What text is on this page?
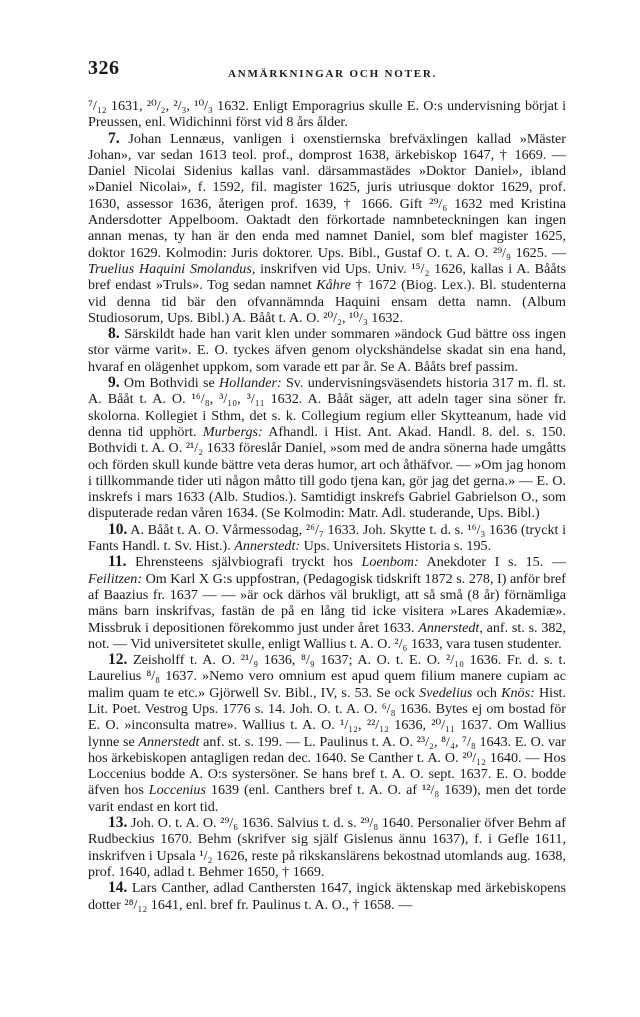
326	ANMÄRKNINGAR OCH NOTER.

⁷/₁₂ 1631, ²⁰/₂, ²/₃, ¹⁰/₃ 1632. Enligt Emporagrius skulle E. O:s undervisning börjat i Preussen, enl. Widichinni först vid 8 års ålder.

7. Johan Lennæus, vanligen i oxenstiernska brefväxlingen kallad »Mäster Johan», var sedan 1613 teol. prof., domprost 1638, ärkebiskop 1647, † 1669. — Daniel Nicolai Sidenius kallas vanl. därsammastädes »Doktor Daniel», ibland »Daniel Nicolai», f. 1592, fil. magister 1625, juris utriusque doktor 1629, prof. 1630, assessor 1636, återigen prof. 1639, † 1666. Gift ²⁹/₆ 1632 med Kristina Andersdotter Appelboom. Oaktadt den förkortade namnbeteckningen kan ingen annan menas, ty han är den enda med namnet Daniel, som blef magister 1625, doktor 1629. Kolmodin: Juris doktorer. Ups. Bibl., Gustaf O. t. A. O. ²⁹/₉ 1625. — Truelius Haquini Smolandus, inskrifven vid Ups. Univ. ¹⁵/₂ 1626, kallas i A. Bååts bref endast »Truls». Tog sedan namnet Kåhre † 1672 (Biog. Lex.). Bl. studenterna vid denna tid bär den ofvannämnda Haquini ensam detta namn. (Album Studiosorum, Ups. Bibl.) A. Bååt t. A. O. ²⁰/₂, ¹⁰/₃ 1632.

8. Särskildt hade han varit klen under sommaren »ändock Gud bättre oss ingen stor värme varit». E. O. tyckes äfven genom olyckshändelse skadat sin ena hand, hvaraf en olägenhet uppkom, som varade ett par år. Se A. Bååts bref passim.

9. Om Bothvidi se Hollander: Sv. undervisningsväsendets historia 317 m. fl. st. A. Bååt t. A. O. ¹⁶/₈, ³/₁₀, ³/₁₁ 1632. A. Bååt säger, att adeln tager sina söner fr. skolorna. Kollegiet i Sthm, det s. k. Collegium regium eller Skytteanum, hade vid denna tid upphört. Murbergs: Afhandl. i Hist. Ant. Akad. Handl. 8. del. s. 150. Bothvidi t. A. O. ²¹/₂ 1633 föreslår Daniel, »som med de andra sönerna hade umgåtts och förden skull kunde bättre veta deras humor, art och åthäfvor. — »Om jag honom i tillkommande tider uti någon måtto till godo tjena kan, gör jag det gerna.» — E. O. inskrefs i mars 1633 (Alb. Studios.). Samtidigt inskrefs Gabriel Gabrielson O., som disputerade redan våren 1634. (Se Kolmodin: Matr. Adl. studerande, Ups. Bibl.)

10. A. Bååt t. A. O. Vårmessodag, ²⁶/₇ 1633. Joh. Skytte t. d. s. ¹⁶/₃ 1636 (tryckt i Fants Handl. t. Sv. Hist.). Annerstedt: Ups. Universitets Historia s. 195.

11. Ehrensteens självbiografi tryckt hos Loenbom: Anekdoter I s. 15. — Feilitzen: Om Karl X G:s uppfostran, (Pedagogisk tidskrift 1872 s. 278, I) anför bref af Baazius fr. 1637 — — »är ock därhos väl brukligt, att så små (8 år) förnämliga mäns barn inskrifvas, fastän de på en lång tid icke visitera »Lares Akademiæ». Missbruk i depositionen förekommo just under året 1633. Annerstedt, anf. st. s. 382, not. — Vid universitetet skulle, enligt Wallius t. A. O. ²/₆ 1633, vara tusen studenter.

12. Zeisholff t. A. O. ²¹/₉ 1636, ⁸/₉ 1637; A. O. t. E. O. ²/₁₀ 1636. Fr. d. s. t. Laurelius ⁸/₈ 1637. »Nemo vero omnium est apud quem filium manere cupiam ac malim quam te etc.» Gjörwell Sv. Bibl., IV, s. 53. Se ock Svedelius och Knös: Hist. Lit. Poet. Vestrog Ups. 1776 s. 14. Joh. O. t. A. O. ⁶/₈ 1636. Bytes ej om bostad för E. O. »inconsulta matre». Wallius t. A. O. ¹/₁₂, ²²/₁₂ 1636, ²⁰/₁₁ 1637. Om Wallius lynne se Annerstedt anf. st. s. 199. — L. Paulinus t. A. O. ²³/₂, ⁸/₄, ⁷/₈ 1643. E. O. var hos ärkebiskopen antagligen redan dec. 1640. Se Canther t. A. O. ²⁰/₁₂ 1640. — Hos Loccenius bodde A. O:s systersöner. Se hans bref t. A. O. sept. 1637. E. O. bodde äfven hos Loccenius 1639 (enl. Canthers bref t. A. O. af ¹²/₈ 1639), men det torde varit endast en kort tid.

13. Joh. O. t. A. O. ²⁹/₆ 1636. Salvius t. d. s. ²⁹/₈ 1640. Personalier öfver Behm af Rudbeckius 1670. Behm (skrifver sig själf Gislenus ännu 1637), f. i Gefle 1611, inskrifven i Upsala ¹/₂ 1626, reste på rikskanslärens bekostnad utomlands aug. 1638, prof. 1640, adlad t. Behmer 1650, † 1669.

14. Lars Canther, adlad Canthersten 1647, ingick äktenskap med ärkebiskopens dotter ²⁸/₁₂ 1641, enl. bref fr. Paulinus t. A. O., † 1658. —
